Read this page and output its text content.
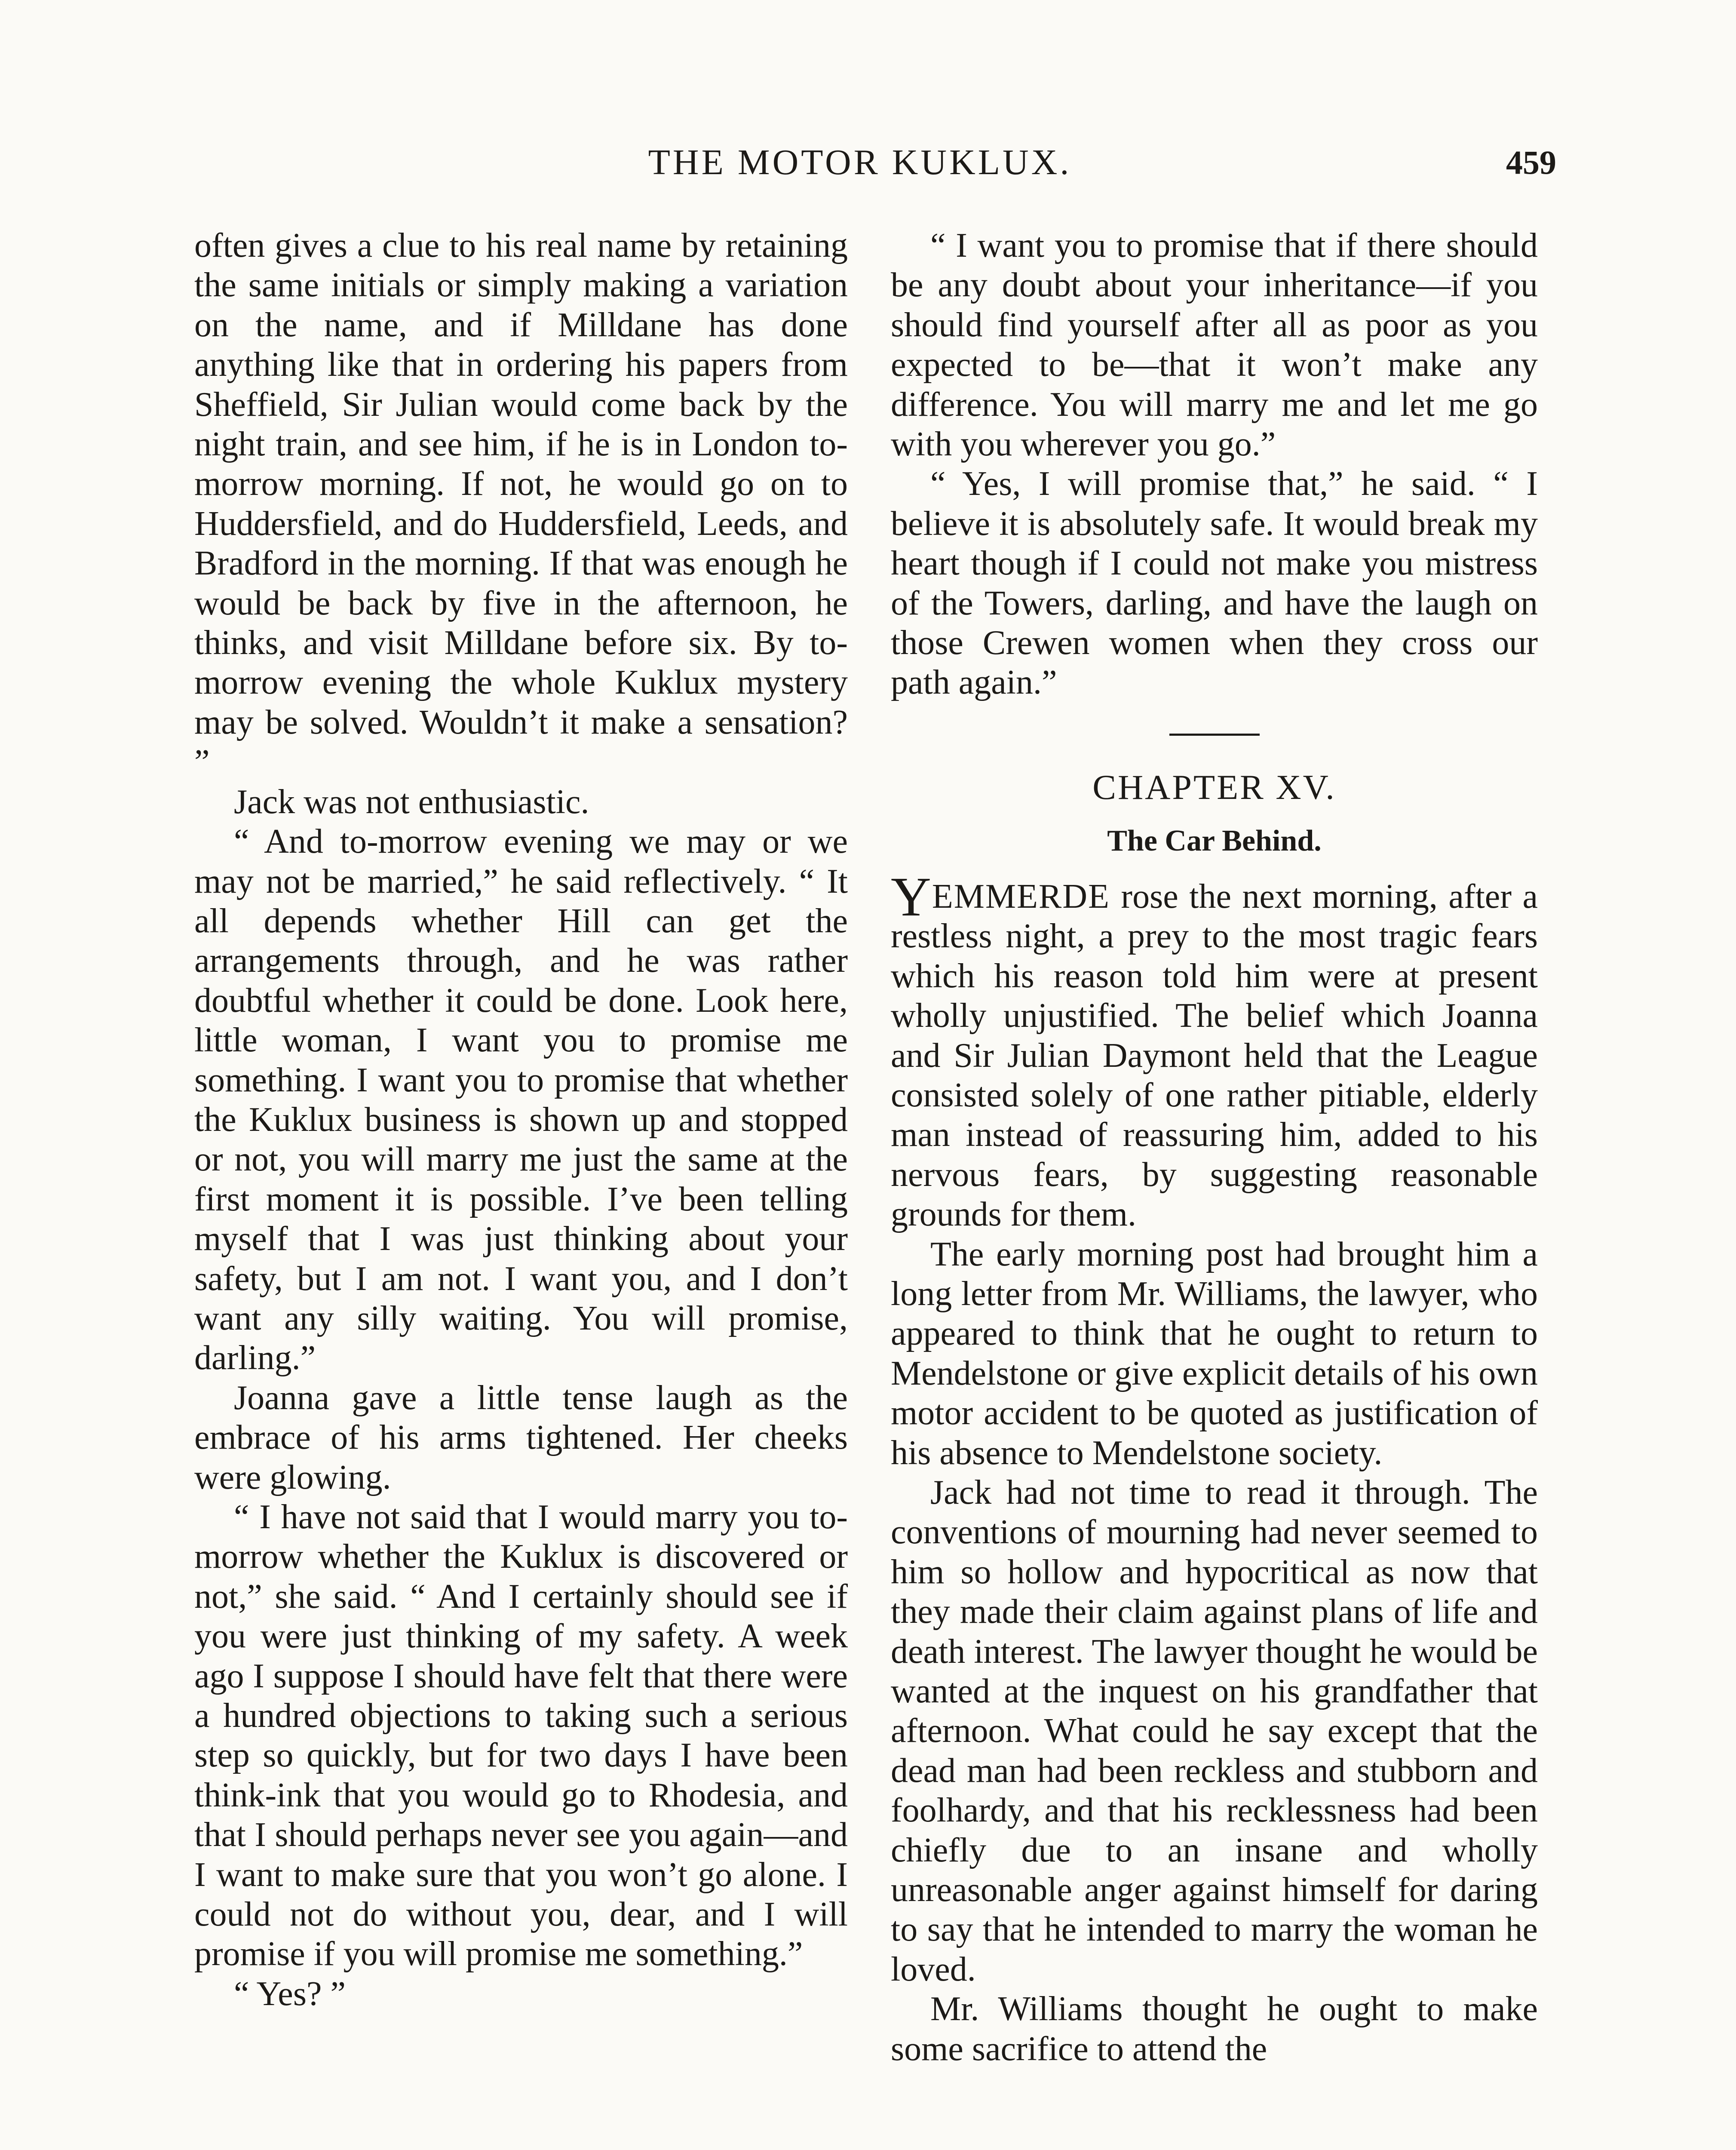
THE MOTOR KUKLUX.	459

often gives a clue to his real name by retaining the same initials or simply making a variation on the name, and if Milldane has done anything like that in ordering his papers from Sheffield, Sir Julian would come back by the night train, and see him, if he is in London to-morrow morning. If not, he would go on to Huddersfield, and do Huddersfield, Leeds, and Bradford in the morning. If that was enough he would be back by five in the afternoon, he thinks, and visit Milldane before six. By to-morrow evening the whole Kuklux mystery may be solved. Wouldn’t it make a sensation? ”

Jack was not enthusiastic.

“ And to-morrow evening we may or we may not be married,” he said reflectively. “ It all depends whether Hill can get the arrangements through, and he was rather doubtful whether it could be done. Look here, little woman, I want you to promise me something. I want you to promise that whether the Kuklux business is shown up and stopped or not, you will marry me just the same at the first moment it is possible. I’ve been telling myself that I was just thinking about your safety, but I am not. I want you, and I don’t want any silly waiting. You will promise, darling.”

Joanna gave a little tense laugh as the embrace of his arms tightened. Her cheeks were glowing.

“ I have not said that I would marry you to-morrow whether the Kuklux is discovered or not,” she said. “ And I certainly should see if you were just thinking of my safety. A week ago I suppose I should have felt that there were a hundred objections to taking such a serious step so quickly, but for two days I have been think-ink that you would go to Rhodesia, and that I should perhaps never see you again—and I want to make sure that you won’t go alone. I could not do without you, dear, and I will promise if you will promise me something.”

“ Yes? ”

“ I want you to promise that if there should be any doubt about your inheritance—if you should find yourself after all as poor as you expected to be—that it won’t make any difference. You will marry me and let me go with you wherever you go.”

“ Yes, I will promise that,” he said. “ I believe it is absolutely safe. It would break my heart though if I could not make you mistress of the Towers, darling, and have the laugh on those Crewen women when they cross our path again.”

CHAPTER XV.
The Car Behind.

YEMMERDE rose the next morning, after a restless night, a prey to the most tragic fears which his reason told him were at present wholly unjustified. The belief which Joanna and Sir Julian Daymont held that the League consisted solely of one rather pitiable, elderly man instead of reassuring him, added to his nervous fears, by suggesting reasonable grounds for them.

The early morning post had brought him a long letter from Mr. Williams, the lawyer, who appeared to think that he ought to return to Mendelstone or give explicit details of his own motor accident to be quoted as justification of his absence to Mendelstone society.

Jack had not time to read it through. The conventions of mourning had never seemed to him so hollow and hypocritical as now that they made their claim against plans of life and death interest. The lawyer thought he would be wanted at the inquest on his grandfather that afternoon. What could he say except that the dead man had been reckless and stubborn and foolhardy, and that his recklessness had been chiefly due to an insane and wholly unreasonable anger against himself for daring to say that he intended to marry the woman he loved.

Mr. Williams thought he ought to make some sacrifice to attend the
